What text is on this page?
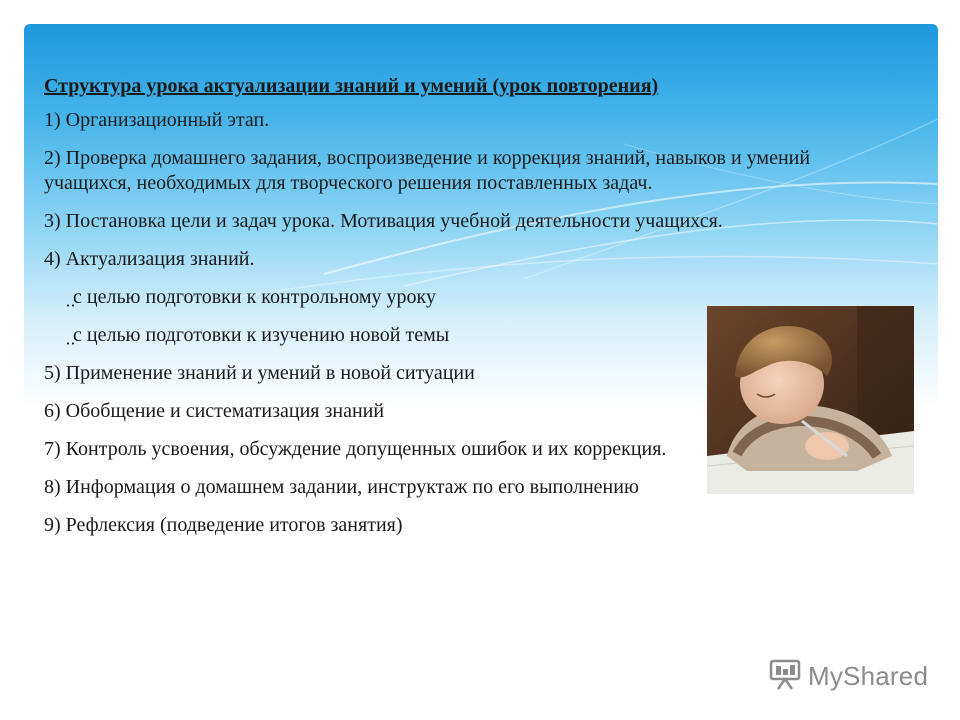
Структура урока актуализации знаний и умений (урок повторения)
1) Организационный этап.
2) Проверка домашнего задания, воспроизведение и коррекция знаний, навыков и умений учащихся, необходимых для творческого решения поставленных задач.
3) Постановка цели и задач урока. Мотивация учебной деятельности учащихся.
4) Актуализация знаний.
̣ ̣с целью подготовки к контрольному уроку
̣ ̣с целью подготовки к изучению новой темы
5) Применение знаний и умений в новой ситуации
6) Обобщение и систематизация знаний
7) Контроль усвоения, обсуждение допущенных ошибок и их коррекция.
8) Информация о домашнем задании, инструктаж по его выполнению
9) Рефлексия (подведение итогов занятия)
MyShared
